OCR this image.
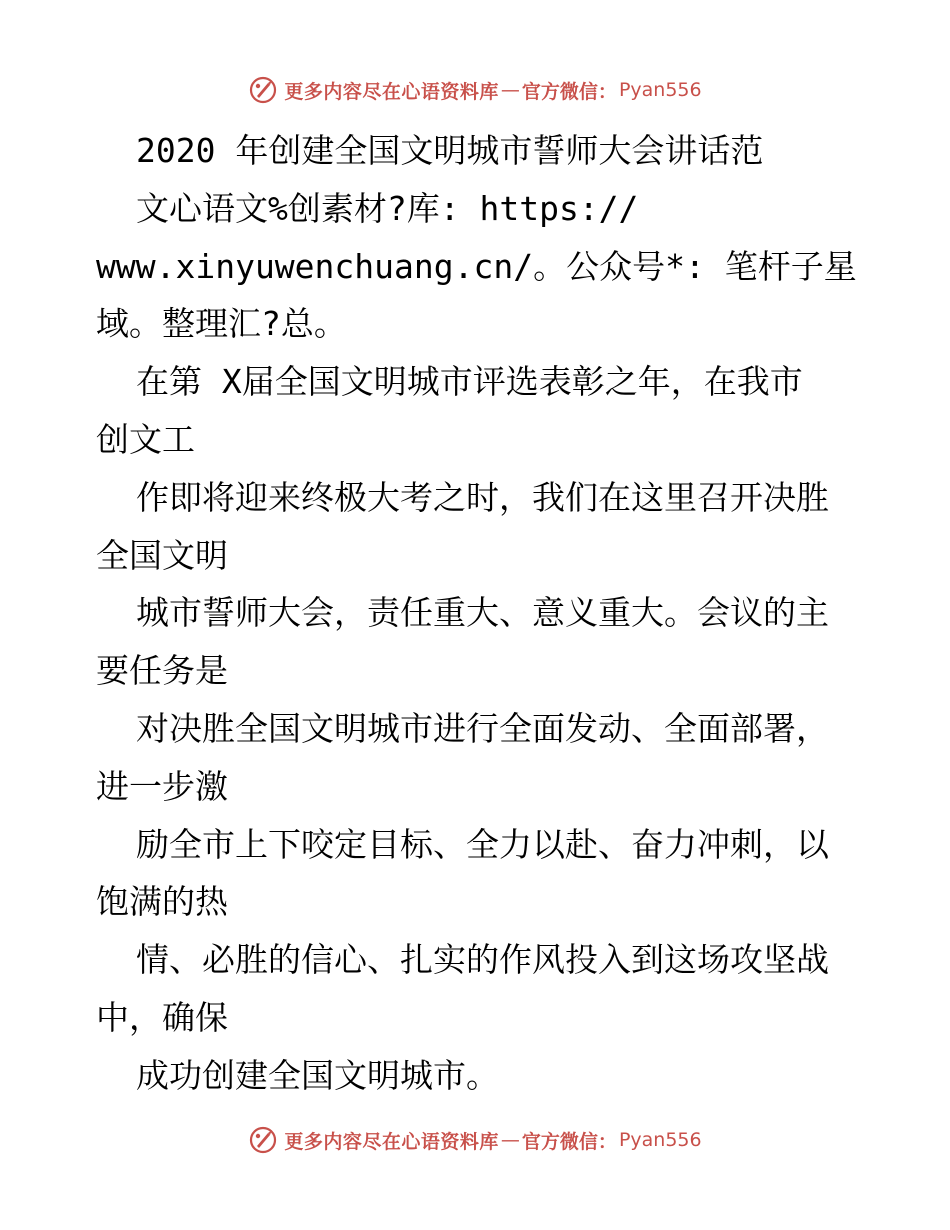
更多内容尽在心语资料库 — 官方微信： Pyan556
2020 年创建全国文明城市誓师大会讲话范
文心语文%创素材?库: https://
www.xinyuwenchuang.cn/。公众号*: 笔杆子星
域。整理汇?总。
在第 X届全国文明城市评选表彰之年，在我市
创文工
作即将迎来终极大考之时，我们在这里召开决胜
全国文明
城市誓师大会，责任重大、意义重大。会议的主
要任务是
对决胜全国文明城市进行全面发动、全面部署，
进一步激
励全市上下咬定目标、全力以赴、奋力冲刺，以
饱满的热
情、必胜的信心、扎实的作风投入到这场攻坚战
中，确保
成功创建全国文明城市。
更多内容尽在心语资料库 — 官方微信： Pyan556
